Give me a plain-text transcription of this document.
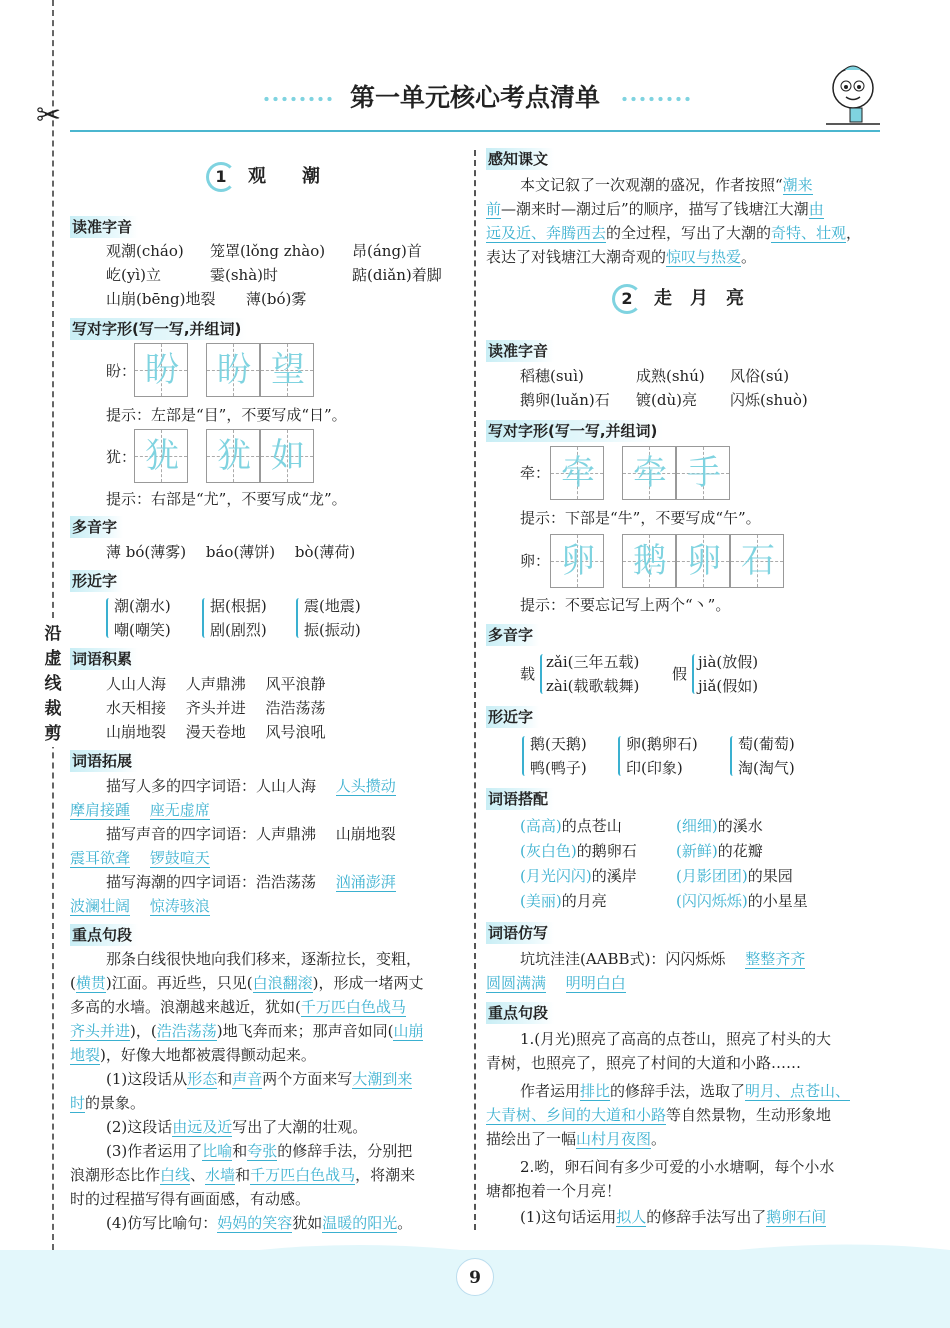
✂
沿虚线裁剪
第一单元核心考点清单
1 观　　潮
读准字音
观潮(cháo) 笼罩(lǒng zhào) 昂(áng)首
屹(yì)立	霎(shà)时	踮(diǎn)着脚
山崩(bēng)地裂 薄(bó)雾
写对字形(写一写,并组词)
盼： 盼 盼 望
提示：左部是“目”，不要写成“日”。
犹： 犹 犹 如
提示：右部是“尤”，不要写成“龙”。
多音字
薄 bó(薄雾)　 báo(薄饼)　 bò(薄荷)
形近字
潮(潮水)
嘲(嘲笑)
据(根据)
剧(剧烈)
震(地震)
振(振动)
词语积累
人山人海　 人声鼎沸　 风平浪静
水天相接　 齐头并进　 浩浩荡荡
山崩地裂　 漫天卷地　 风号浪吼
词语拓展
描写人多的四字词语：人山人海　 人头攒动
摩肩接踵　 座无虚席
描写声音的四字词语：人声鼎沸　 山崩地裂
震耳欲聋　 锣鼓喧天
描写海潮的四字词语：浩浩荡荡　 汹涌澎湃
波澜壮阔　 惊涛骇浪
重点句段
那条白线很快地向我们移来，逐渐拉长，变粗，
(横贯)江面。再近些，只见(白浪翻滚)，形成一堵两丈
多高的水墙。浪潮越来越近，犹如(千万匹白色战马
齐头并进)，(浩浩荡荡)地飞奔而来；那声音如同(山崩
地裂)，好像大地都被震得颤动起来。
(1)这段话从形态和声音两个方面来写大潮到来
时的景象。
(2)这段话由远及近写出了大潮的壮观。
(3)作者运用了比喻和夸张的修辞手法，分别把
浪潮形态比作白线、水墙和千万匹白色战马，将潮来
时的过程描写得有画面感，有动感。
(4)仿写比喻句：妈妈的笑容犹如温暖的阳光。
感知课文
本文记叙了一次观潮的盛况，作者按照“潮来
前—潮来时—潮过后”的顺序，描写了钱塘江大潮由
远及近、奔腾西去的全过程，写出了大潮的奇特、壮观，
表达了对钱塘江大潮奇观的惊叹与热爱。
2 走　月　亮
读准字音
稻穗(suì)	成熟(shú) 风俗(sú)
鹅卵(luǎn)石 镀(dù)亮 闪烁(shuò)
写对字形(写一写,并组词)
牵： 牵 牵 手
提示：下部是“牛”，不要写成“午”。
卵： 卵 鹅 卵 石
提示：不要忘记写上两个“丶”。
多音字
载
zǎi(三年五载)
zài(载歌载舞)
假
jià(放假)
jiǎ(假如)
形近字
鹅(天鹅)
鸭(鸭子)
卵(鹅卵石)
印(印象)
萄(葡萄)
淘(淘气)
词语搭配
(高高)的点苍山	(细细)的溪水
(灰白色)的鹅卵石	(新鲜)的花瓣
(月光闪闪)的溪岸	(月影团团)的果园
(美丽)的月亮	(闪闪烁烁)的小星星
词语仿写
坑坑洼洼(AABB式)：闪闪烁烁　 整整齐齐
圆圆满满　 明明白白
重点句段
1.(月光)照亮了高高的点苍山，照亮了村头的大
青树，也照亮了，照亮了村间的大道和小路……
作者运用排比的修辞手法，选取了明月、点苍山、
大青树、乡间的大道和小路等自然景物，生动形象地
描绘出了一幅山村月夜图。
2.哟，卵石间有多少可爱的小水塘啊，每个小水
塘都抱着一个月亮！
(1)这句话运用拟人的修辞手法写出了鹅卵石间
9
